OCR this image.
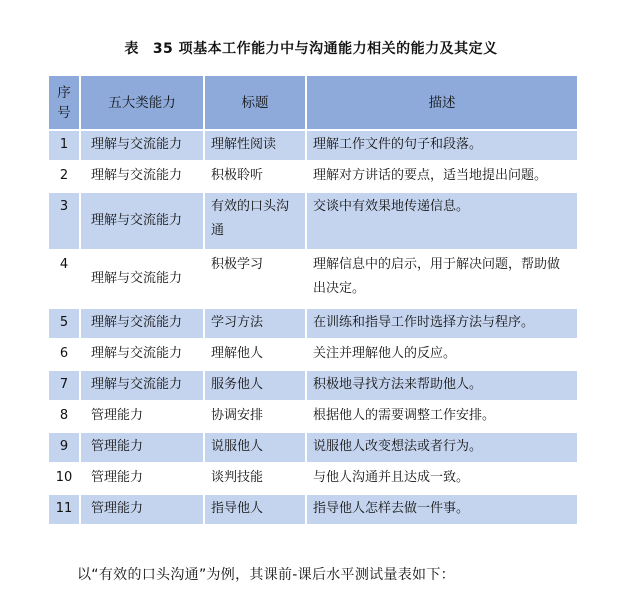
表 35 项基本工作能力中与沟通能力相关的能力及其定义
序号	五大类能力	标题	描述
1	理解与交流能力	理解性阅读	理解工作文件的句子和段落。
2	理解与交流能力	积极聆听	理解对方讲话的要点，适当地提出问题。
3	理解与交流能力	有效的口头沟通	交谈中有效果地传递信息。
4	理解与交流能力	积极学习	理解信息中的启示，用于解决问题，帮助做出决定。
5	理解与交流能力	学习方法	在训练和指导工作时选择方法与程序。
6	理解与交流能力	理解他人	关注并理解他人的反应。
7	理解与交流能力	服务他人	积极地寻找方法来帮助他人。
8	管理能力	协调安排	根据他人的需要调整工作安排。
9	管理能力	说服他人	说服他人改变想法或者行为。
10	管理能力	谈判技能	与他人沟通并且达成一致。
11	管理能力	指导他人	指导他人怎样去做一件事。
以“有效的口头沟通”为例，其课前-课后水平测试量表如下：
